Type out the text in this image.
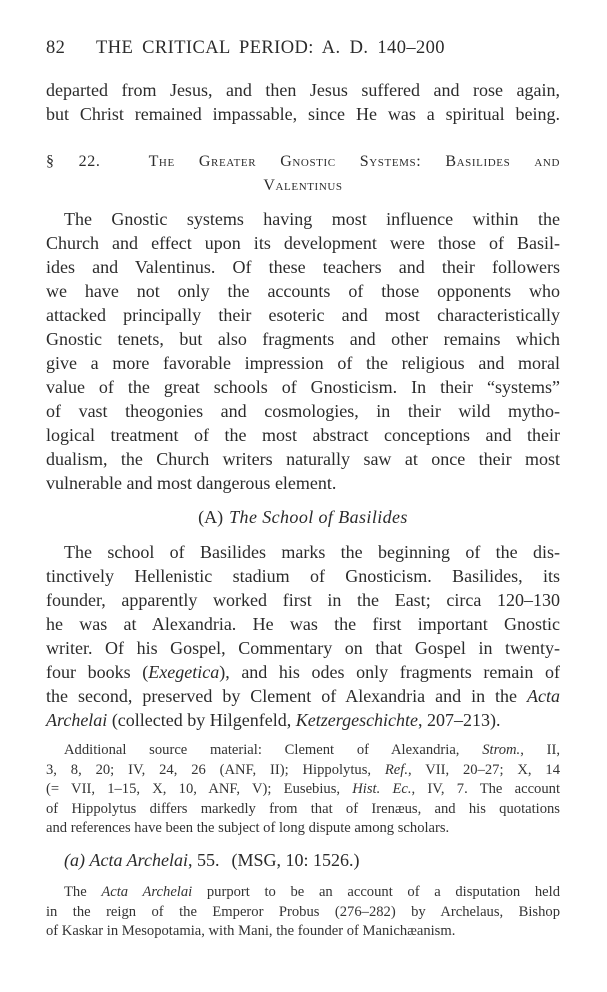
82 THE CRITICAL PERIOD: A. D. 140–200
departed from Jesus, and then Jesus suffered and rose again,
but Christ remained impassable, since He was a spiritual being.
§ 22.	The Greater Gnostic Systems: Basilides and
Valentinus
The Gnostic systems having most influence within the
Church and effect upon its development were those of Basil-
ides and Valentinus. Of these teachers and their followers
we have not only the accounts of those opponents who
attacked principally their esoteric and most characteristically
Gnostic tenets, but also fragments and other remains which
give a more favorable impression of the religious and moral
value of the great schools of Gnosticism. In their “systems”
of vast theogonies and cosmologies, in their wild mytho-
logical treatment of the most abstract conceptions and their
dualism, the Church writers naturally saw at once their most
vulnerable and most dangerous element.
(A) The School of Basilides
The school of Basilides marks the beginning of the dis-
tinctively Hellenistic stadium of Gnosticism. Basilides, its
founder, apparently worked first in the East; circa 120–130
he was at Alexandria. He was the first important Gnostic
writer. Of his Gospel, Commentary on that Gospel in twenty-
four books (Exegetica), and his odes only fragments remain of
the second, preserved by Clement of Alexandria and in the Acta
Archelai (collected by Hilgenfeld, Ketzergeschichte, 207–213).
Additional source material: Clement of Alexandria, Strom., II,
3, 8, 20; IV, 24, 26 (ANF, II); Hippolytus, Ref., VII, 20–27; X, 14
(= VII, 1–15, X, 10, ANF, V); Eusebius, Hist. Ec., IV, 7. The account
of Hippolytus differs markedly from that of Irenæus, and his quotations
and references have been the subject of long dispute among scholars.
(a) Acta Archelai, 55. (MSG, 10: 1526.)
The Acta Archelai purport to be an account of a disputation held
in the reign of the Emperor Probus (276–282) by Archelaus, Bishop
of Kaskar in Mesopotamia, with Mani, the founder of Manichæanism.
